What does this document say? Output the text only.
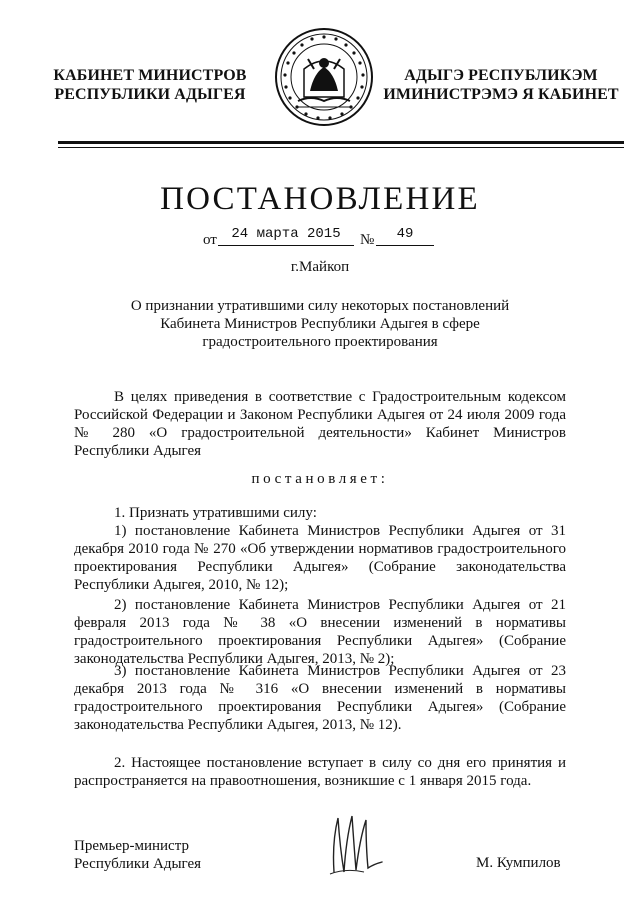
КАБИНЕТ МИНИСТРОВ
РЕСПУБЛИКИ АДЫГЕЯ
АДЫГЭ РЕСПУБЛИКЭМ
ИМИНИСТРЭМЭ Я КАБИНЕТ
ПОСТАНОВЛЕНИЕ
от	24 марта 2015	№	49
г.Майкоп
О признании утратившими силу некоторых постановлений
Кабинета Министров Республики Адыгея в сфере
градостроительного проектирования

В целях приведения в соответствие с Градостроительным кодексом Российской Федерации и Законом Республики Адыгея от 24 июля 2009 года № 280 «О градостроительной деятельности» Кабинет Министров Республики Адыгея

постановляет:

1. Признать утратившими силу:

1) постановление Кабинета Министров Республики Адыгея от 31 декабря 2010 года № 270 «Об утверждении нормативов градостроительного проектирования Республики Адыгея» (Собрание законодательства Республики Адыгея, 2010, № 12);

2) постановление Кабинета Министров Республики Адыгея от 21 февраля 2013 года № 38 «О внесении изменений в нормативы градостроительного проектирования Республики Адыгея» (Собрание законодательства Республики Адыгея, 2013, № 2);

3) постановление Кабинета Министров Республики Адыгея от 23 декабря 2013 года № 316 «О внесении изменений в нормативы градостроительного проектирования Республики Адыгея» (Собрание законодательства Республики Адыгея, 2013, № 12).

2. Настоящее постановление вступает в силу со дня его принятия и распространяется на правоотношения, возникшие с 1 января 2015 года.

Премьер-министр
Республики Адыгея	М. Кумпилов
